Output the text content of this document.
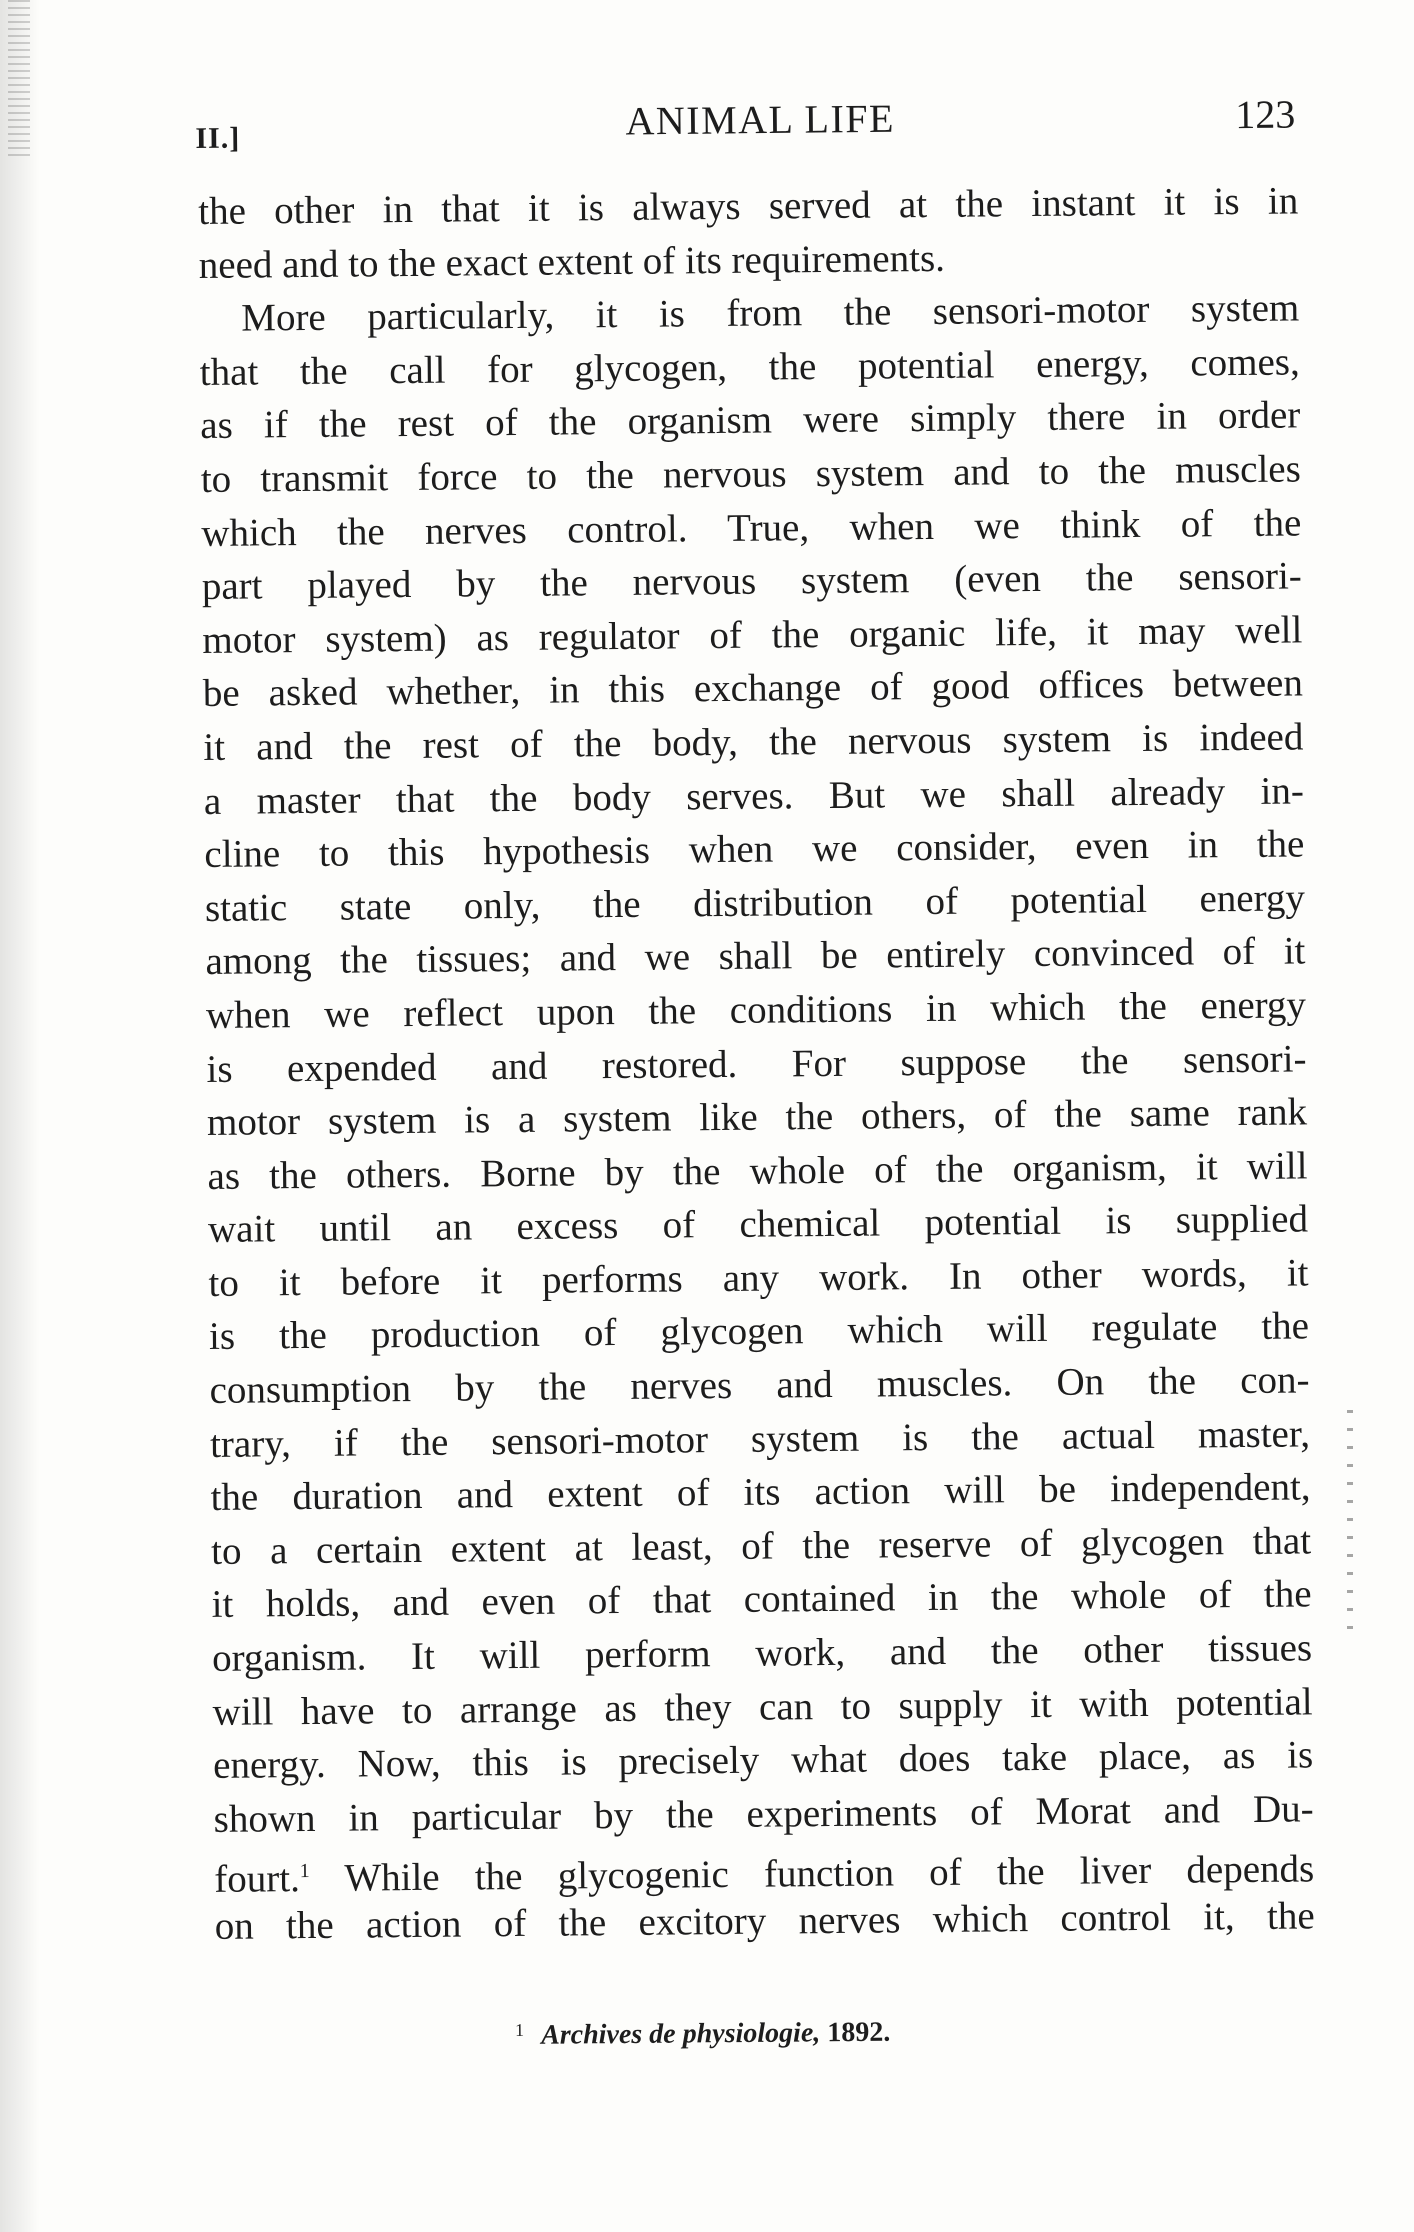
II.]	ANIMAL LIFE	123
the other in that it is always served at the instant it is in
need and to the exact extent of its requirements.
More particularly, it is from the sensori-motor system
that the call for glycogen, the potential energy, comes,
as if the rest of the organism were simply there in order
to transmit force to the nervous system and to the muscles
which the nerves control. True, when we think of the
part played by the nervous system (even the sensori-
motor system) as regulator of the organic life, it may well
be asked whether, in this exchange of good offices between
it and the rest of the body, the nervous system is indeed
a master that the body serves. But we shall already in-
cline to this hypothesis when we consider, even in the
static state only, the distribution of potential energy
among the tissues; and we shall be entirely convinced of it
when we reflect upon the conditions in which the energy
is expended and restored. For suppose the sensori-
motor system is a system like the others, of the same rank
as the others. Borne by the whole of the organism, it will
wait until an excess of chemical potential is supplied
to it before it performs any work. In other words, it
is the production of glycogen which will regulate the
consumption by the nerves and muscles. On the con-
trary, if the sensori-motor system is the actual master,
the duration and extent of its action will be independent,
to a certain extent at least, of the reserve of glycogen that
it holds, and even of that contained in the whole of the
organism. It will perform work, and the other tissues
will have to arrange as they can to supply it with potential
energy. Now, this is precisely what does take place, as is
shown in particular by the experiments of Morat and Du-
fourt.$^1$ While the glycogenic function of the liver depends
on the action of the excitory nerves which control it, the
$^1$ Archives de physiologie, 1892.
